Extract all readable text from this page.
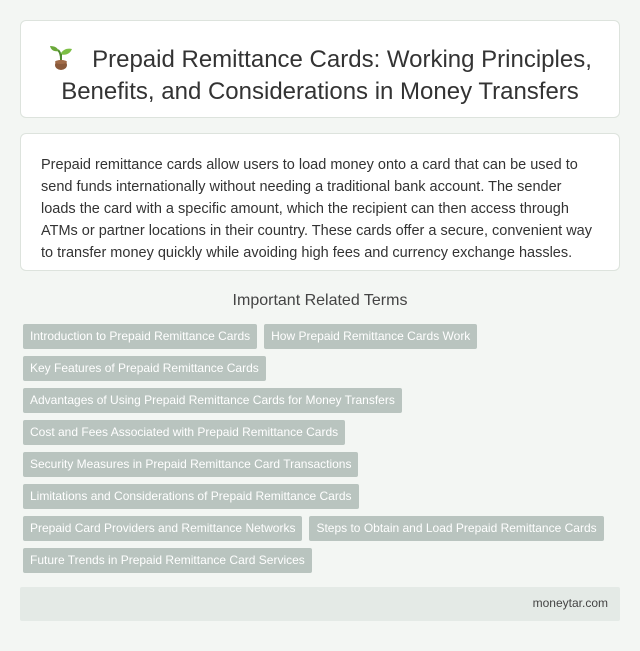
Prepaid Remittance Cards: Working Principles, Benefits, and Considerations in Money Transfers

Prepaid remittance cards allow users to load money onto a card that can be used to send funds internationally without needing a traditional bank account. The sender loads the card with a specific amount, which the recipient can then access through ATMs or partner locations in their country. These cards offer a secure, convenient way to transfer money quickly while avoiding high fees and currency exchange hassles.

Important Related Terms
Introduction to Prepaid Remittance Cards	How Prepaid Remittance Cards Work
Key Features of Prepaid Remittance Cards
Advantages of Using Prepaid Remittance Cards for Money Transfers
Cost and Fees Associated with Prepaid Remittance Cards
Security Measures in Prepaid Remittance Card Transactions
Limitations and Considerations of Prepaid Remittance Cards
Prepaid Card Providers and Remittance Networks	Steps to Obtain and Load Prepaid Remittance Cards
Future Trends in Prepaid Remittance Card Services
moneytar.com
